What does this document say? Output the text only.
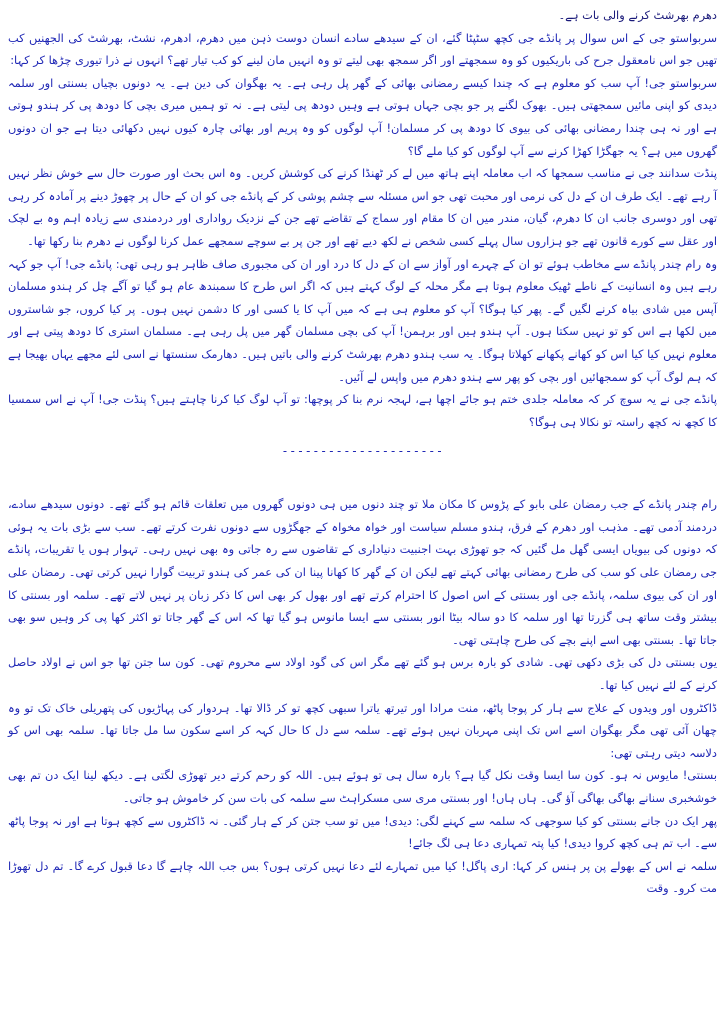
دھرم بھرشٹ کرنے والی بات ہے۔

سربواستو جی کے اس سوال پر پانڈے جی کچھ سٹپٹا گئے، ان کے سیدھے سادے انسان دوست ذہن میں دھرم، ادھرم، نشٹ، بھرشٹ کی الجھنیں کب تھیں جو اس نامعقول جرح کی باریکیوں کو وہ سمجھتے اور اگر سمجھ بھی لیتے تو وہ انہیں مان لینے کو کب تیار تھے؟ انہوں نے ذرا تیوری چڑھا کر کہا:

سربواستو جی! آپ سب کو معلوم ہے کہ چندا کیسے رمضانی بھائی کے گھر پل رہی ہے۔ یہ بھگوان کی دین ہے۔ یہ دونوں بچیاں بسنتی اور سلمہ دیدی کو اپنی مائیں سمجھتی ہیں۔ بھوک لگنے پر جو بچی جہاں ہوتی ہے وہیں دودھ پی لیتی ہے۔ نہ تو ہمیں میری بچی کا دودھ پی کر ہندو ہوتی ہے اور نہ ہی چندا رمضانی بھائی کی بیوی کا دودھ پی کر مسلمان! آپ لوگوں کو وہ پریم اور بھائی چارہ کیوں نہیں دکھائی دیتا ہے جو ان دونوں گھروں میں ہے؟ یہ جھگڑا کھڑا کرنے سے آپ لوگوں کو کیا ملے گا؟

پنڈت سدانند جی نے مناسب سمجھا کہ اب معاملہ اپنے ہاتھ میں لے کر ٹھنڈا کرنے کی کوشش کریں۔ وہ اس بحث اور صورت حال سے خوش نظر نہیں آ رہے تھے۔ ایک طرف ان کے دل کی نرمی اور محبت تھی جو اس مسئلہ سے چشم پوشی کر کے پانڈے جی کو ان کے حال پر چھوڑ دینے پر آمادہ کر رہی تھی اور دوسری جانب ان کا دھرم، گیان، مندر میں ان کا مقام اور سماج کے تقاضے تھے جن کے نزدیک رواداری اور دردمندی سے زیادہ اہم وہ بے لچک اور عقل سے کورے قانون تھے جو ہزاروں سال پہلے کسی شخص نے لکھ دیے تھے اور جن پر بے سوچے سمجھے عمل کرنا لوگوں نے دھرم بنا رکھا تھا۔

وہ رام چندر پانڈے سے مخاطب ہوئے تو ان کے چہرے اور آواز سے ان کے دل کا درد اور ان کی مجبوری صاف ظاہر ہو رہی تھی: پانڈے جی! آپ جو کہہ رہے ہیں وہ انسانیت کے ناطے ٹھیک معلوم ہوتا ہے مگر محلہ کے لوگ کہتے ہیں کہ اگر اس طرح کا سمبندھ عام ہو گیا تو آگے چل کر ہندو مسلمان آپس میں شادی بیاہ کرنے لگیں گے۔ پھر کیا ہوگا؟ آپ کو معلوم ہی ہے کہ میں آپ کا یا کسی اور کا دشمن نہیں ہوں۔ پر کیا کروں، جو شاستروں میں لکھا ہے اس کو تو نہیں سکتا ہوں۔ آپ ہندو ہیں اور برہمن! آپ کی بچی مسلمان گھر میں پل رہی ہے۔ مسلمان استری کا دودھ پیتی ہے اور معلوم نہیں کیا کیا اس کو کھانے پکھانے کھلاتا ہوگا۔ یہ سب ہندو دھرم بھرشٹ کرنے والی باتیں ہیں۔ دھارمک سنستھا نے اسی لئے مجھے یہاں بھیجا ہے کہ ہم لوگ آپ کو سمجھائیں اور بچی کو پھر سے ہندو دھرم میں واپس لے آئیں۔

پانڈے جی نے یہ سوچ کر کہ معاملہ جلدی ختم ہو جائے اچھا ہے، لہجہ نرم بنا کر پوچھا: تو آپ لوگ کیا کرنا چاہتے ہیں؟ پنڈت جی! آپ نے اس سمسیا کا کچھ نہ کچھ راستہ تو نکالا ہی ہوگا؟

---------------------

رام چندر پانڈے کے جب رمضان علی بابو کے پڑوس کا مکان ملا تو چند دنوں میں ہی دونوں گھروں میں تعلقات قائم ہو گئے تھے۔ دونوں سیدھے سادے، دردمند آدمی تھے۔ مذہب اور دھرم کے فرق، ہندو مسلم سیاست اور خواہ مخواہ کے جھگڑوں سے دونوں نفرت کرتے تھے۔ سب سے بڑی بات یہ ہوئی کہ دونوں کی بیویاں ایسی گھل مل گئیں کہ جو تھوڑی بہت اجنبیت دنیاداری کے تقاضوں سے رہ جاتی وہ بھی نہیں رہی۔ تہوار ہوں یا تقریبات، پانڈے جی رمضان علی کو سب کی طرح رمضانی بھائی کہتے تھے لیکن ان کے گھر کا کھانا پینا ان کی عمر کی ہندو تربیت گوارا نہیں کرتی تھی۔ رمضان علی اور ان کی بیوی سلمہ، پانڈے جی اور بسنتی کے اس اصول کا احترام کرتے تھے اور بھول کر بھی اس کا ذکر زبان پر نہیں لاتے تھے۔ سلمہ اور بسنتی کا بیشتر وقت ساتھ ہی گزرتا تھا اور سلمہ کا دو سالہ بیٹا انور بسنتی سے ایسا مانوس ہو گیا تھا کہ اس کے گھر جاتا تو اکثر کھا پی کر وہیں سو بھی جاتا تھا۔ بسنتی بھی اسے اپنے بچے کی طرح چاہتی تھی۔

یوں بسنتی دل کی بڑی دکھی تھی۔ شادی کو بارہ برس ہو گئے تھے مگر اس کی گود اولاد سے محروم تھی۔ کون سا جتن تھا جو اس نے اولاد حاصل کرنے کے لئے نہیں کیا تھا۔

ڈاکٹروں اور ویدوں کے علاج سے ہار کر پوجا پاٹھ، منت مرادا اور تیرتھ یاترا سبھی کچھ تو کر ڈالا تھا۔ ہردوار کی پہاڑیوں کی پتھریلی خاک تک تو وہ چھان آئی تھی مگر بھگوان اسے اس تک اپنی مہربان نہیں ہوئے تھے۔ سلمہ سے دل کا حال کہہ کر اسے سکون سا مل جاتا تھا۔ سلمہ بھی اس کو دلاسہ دیتی رہتی تھی:

بسنتی! مایوس نہ ہو۔ کون سا ایسا وقت نکل گیا ہے؟ بارہ سال ہی تو ہوئے ہیں۔ اللہ کو رحم کرتے دیر تھوڑی لگتی ہے۔ دیکھ لینا ایک دن تم بھی خوشخبری سنانے بھاگی بھاگی آؤ گی۔ ہاں ہاں! اور بسنتی مری سی مسکراہٹ سے سلمہ کی بات سن کر خاموش ہو جاتی۔

پھر ایک دن جانے بسنتی کو کیا سوجھی کہ سلمہ سے کہنے لگی: دیدی! میں تو سب جتن کر کے ہار گئی۔ نہ ڈاکٹروں سے کچھ ہوتا ہے اور نہ پوجا پاٹھ سے۔ اب تم ہی کچھ کروا دیدی! کیا پتہ تمہاری دعا ہی لگ جائے!

سلمہ نے اس کے بھولے پن پر ہنس کر کہا: اری پاگل! کیا میں تمہارے لئے دعا نہیں کرتی ہوں؟ بس جب اللہ چاہے گا دعا قبول کرے گا۔ تم دل تھوڑا مت کرو۔ وقت
